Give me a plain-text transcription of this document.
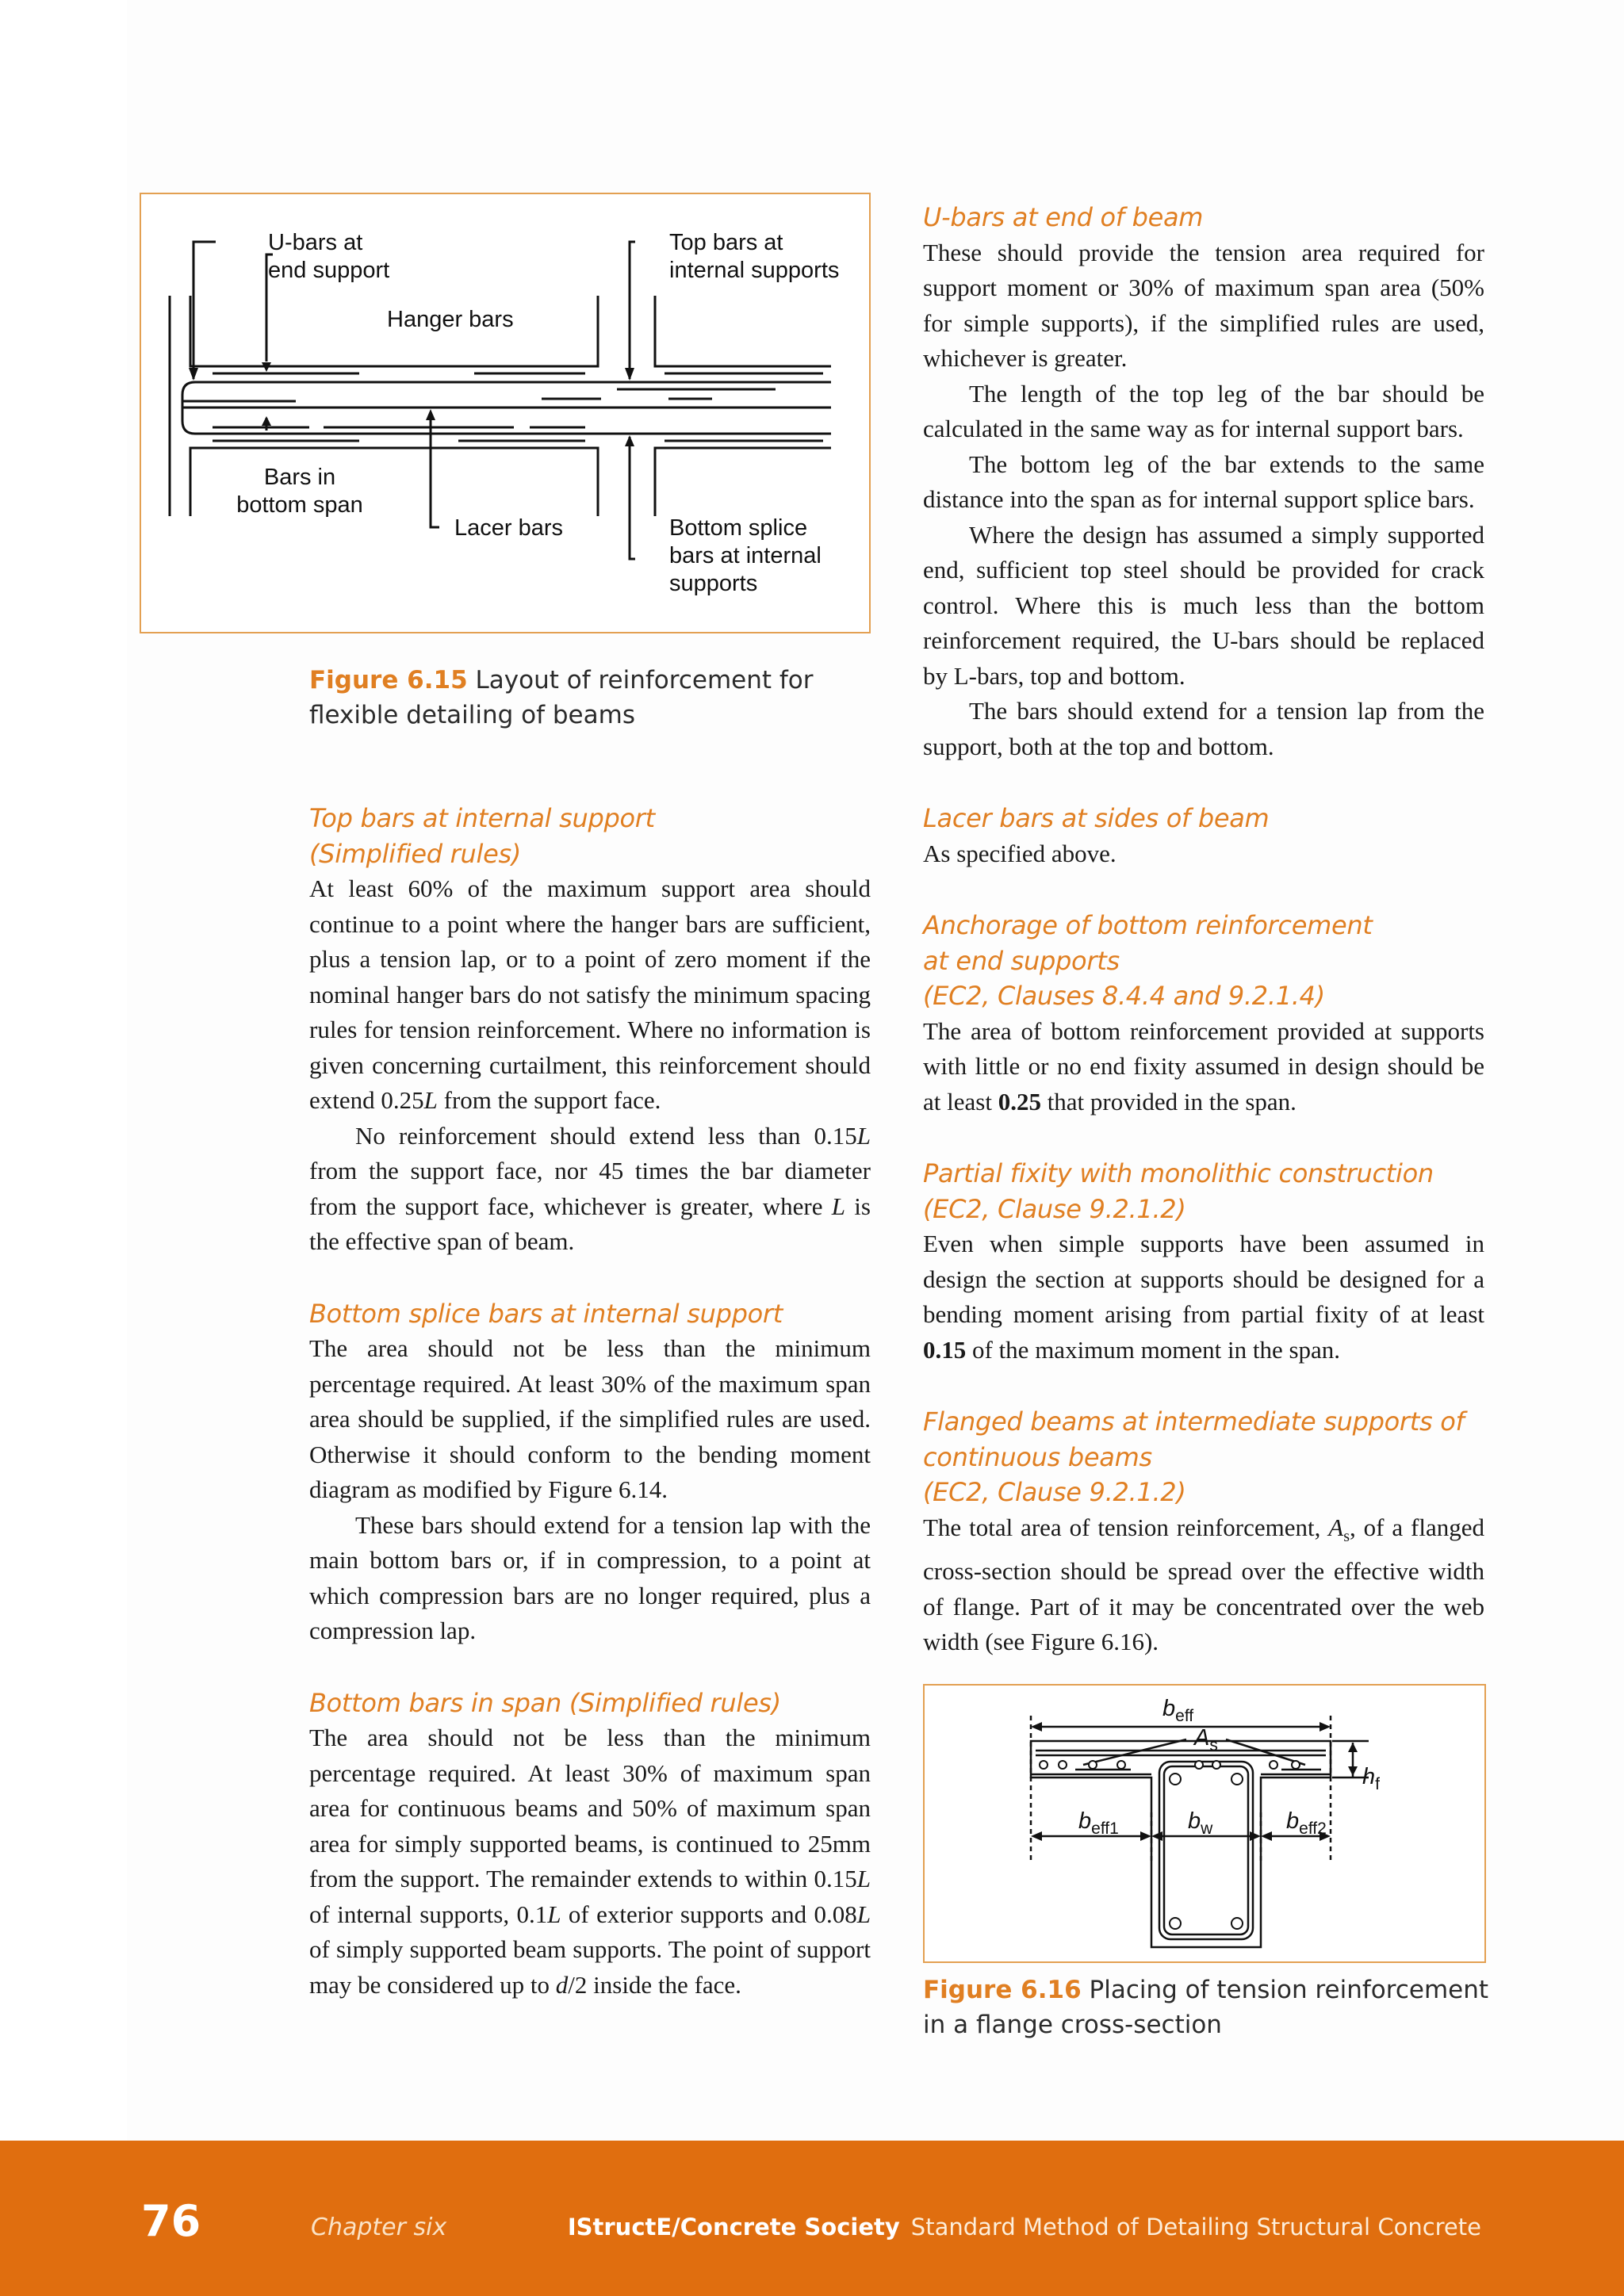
U-bars at
end support
Top bars at
internal supports
Hanger bars
Bars in
bottom span
Lacer bars	Bottom splice
bars at internal
supports
Figure 6.15 Layout of reinforcement for flexible detailing of beams
Top bars at internal support
(Simplified rules)

At least 60% of the maximum support area should continue to a point where the hanger bars are sufficient, plus a tension lap, or to a point of zero moment if the nominal hanger bars do not satisfy the minimum spacing rules for tension reinforcement. Where no information is given concerning curtailment, this reinforcement should extend 0.25L from the support face.

No reinforcement should extend less than 0.15L from the support face, nor 45 times the bar diameter from the support face, whichever is greater, where L is the effective span of beam.

Bottom splice bars at internal support

The area should not be less than the minimum percentage required. At least 30% of the maximum span area should be supplied, if the simplified rules are used. Otherwise it should conform to the bending moment diagram as modified by Figure 6.14.

These bars should extend for a tension lap with the main bottom bars or, if in compression, to a point at which compression bars are no longer required, plus a compression lap.

Bottom bars in span (Simplified rules)

The area should not be less than the minimum percentage required. At least 30% of maximum span area for continuous beams and 50% of maximum span area for simply supported beams, is continued to 25mm from the support. The remainder extends to within 0.15L of internal supports, 0.1L of exterior supports and 0.08L of simply supported beam supports. The point of support may be considered up to d/2 inside the face.

U-bars at end of beam

These should provide the tension area required for support moment or 30% of maximum span area (50% for simple supports), if the simplified rules are used, whichever is greater.

The length of the top leg of the bar should be calculated in the same way as for internal support bars.

The bottom leg of the bar extends to the same distance into the span as for internal support splice bars.

Where the design has assumed a simply supported end, sufficient top steel should be provided for crack control. Where this is much less than the bottom reinforcement required, the U-bars should be replaced by L-bars, top and bottom.

The bars should extend for a tension lap from the support, both at the top and bottom.

Lacer bars at sides of beam

As specified above.

Anchorage of bottom reinforcement
at end supports
(EC2, Clauses 8.4.4 and 9.2.1.4)

The area of bottom reinforcement provided at supports with little or no end fixity assumed in design should be at least 0.25 that provided in the span.

Partial fixity with monolithic construction
(EC2, Clause 9.2.1.2)

Even when simple supports have been assumed in design the section at supports should be designed for a bending moment arising from partial fixity of at least 0.15 of the maximum moment in the span.

Flanged beams at intermediate supports of
continuous beams
(EC2, Clause 9.2.1.2)

The total area of tension reinforcement, $A_s$, of a flanged cross-section should be spread over the effective width of flange. Part of it may be concentrated over the web width (see Figure 6.16).

$b_{eff}$
$A_s$
$h_f$
$b_{eff1}$	$b_w$	$b_{eff2}$
Figure 6.16 Placing of tension reinforcement in a flange cross-section
76	Chapter six	IStructE/Concrete Society Standard Method of Detailing Structural Concrete
